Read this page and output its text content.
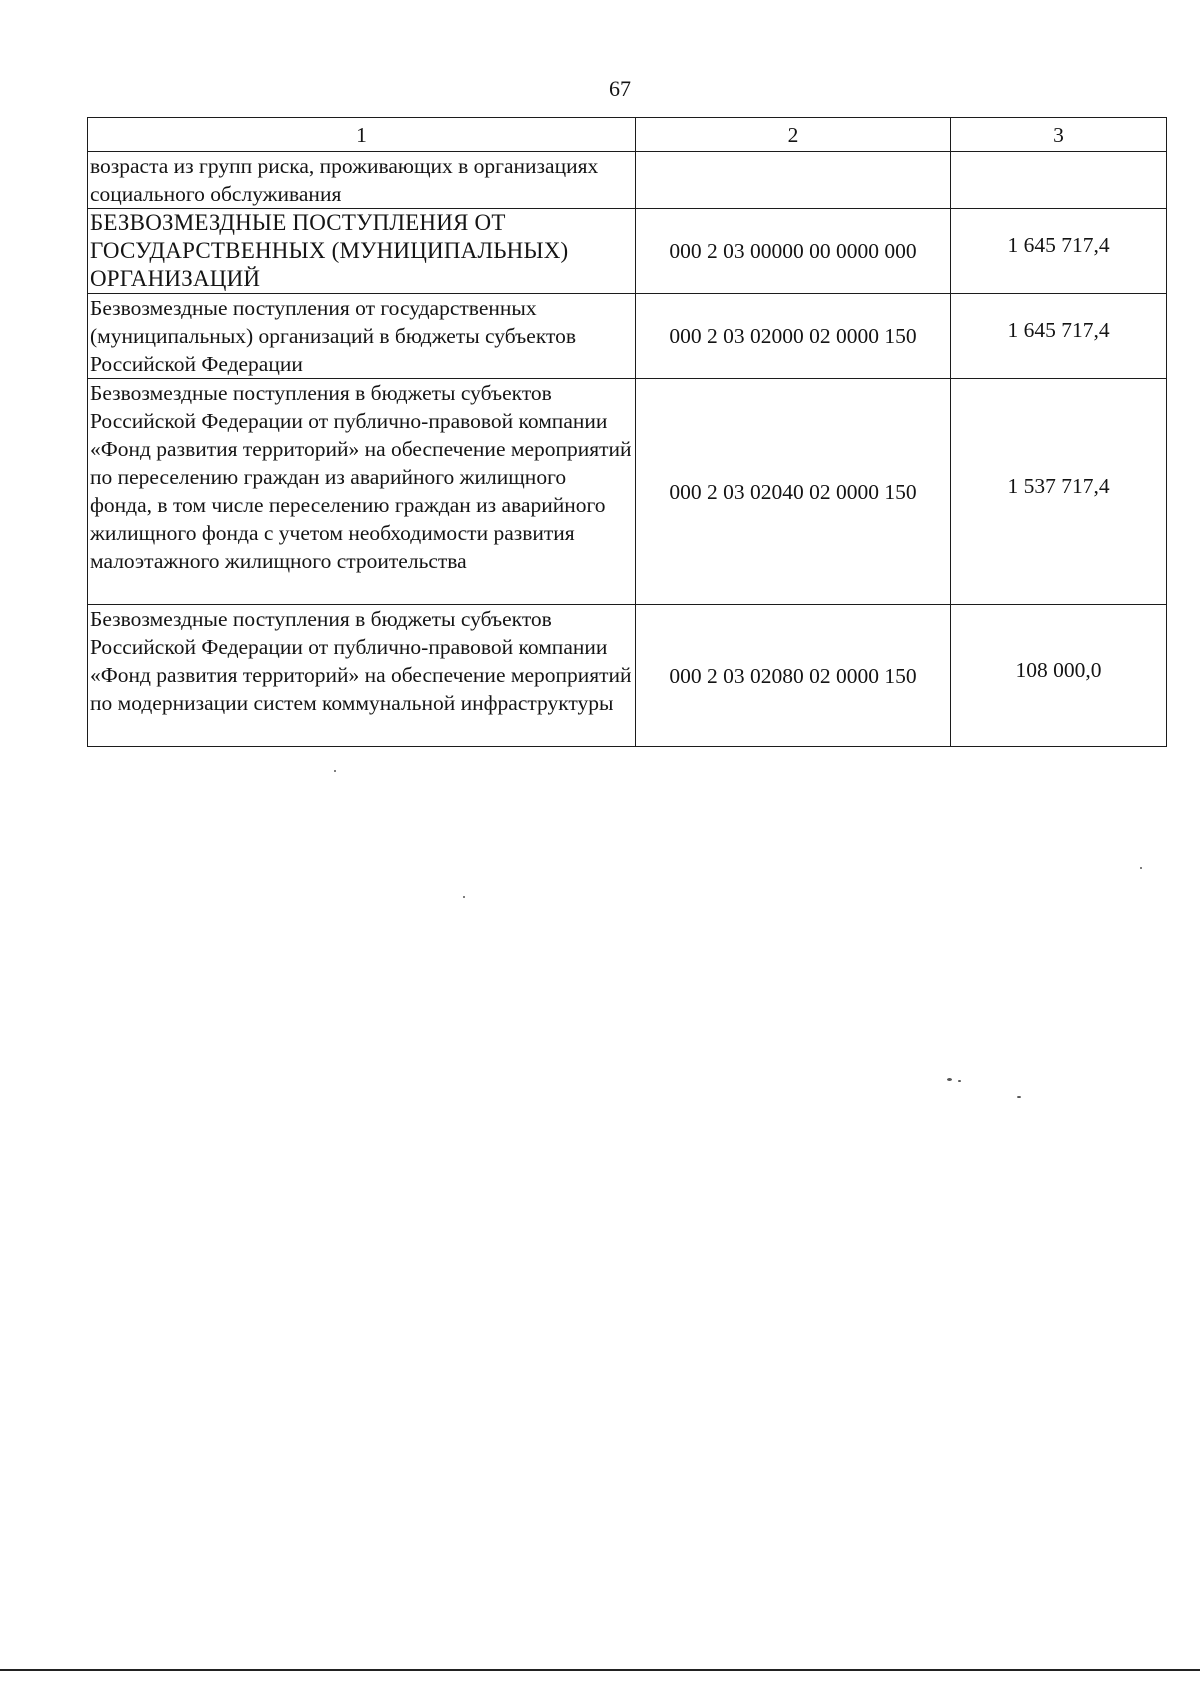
67
1	2	3
возраста из групп риска, проживающих в организациях социального обслуживания		
БЕЗВОЗМЕЗДНЫЕ ПОСТУПЛЕНИЯ ОТ ГОСУДАРСТВЕННЫХ (МУНИЦИПАЛЬНЫХ) ОРГАНИЗАЦИЙ	000 2 03 00000 00 0000 000	1 645 717,4
Безвозмездные поступления от государственных (муниципальных) организаций в бюджеты субъектов Российской Федерации	000 2 03 02000 02 0000 150	1 645 717,4
Безвозмездные поступления в бюджеты субъектов Российской Федерации от публично-правовой компании «Фонд развития территорий» на обеспечение мероприятий по переселению граждан из аварийного жилищного фонда, в том числе переселению граждан из аварийного жилищного фонда с учетом необходимости развития малоэтажного жилищного строительства	000 2 03 02040 02 0000 150	1 537 717,4
Безвозмездные поступления в бюджеты субъектов Российской Федерации от публично-правовой компании «Фонд развития территорий» на обеспечение мероприятий по модернизации систем коммунальной инфраструктуры	000 2 03 02080 02 0000 150	108 000,0
